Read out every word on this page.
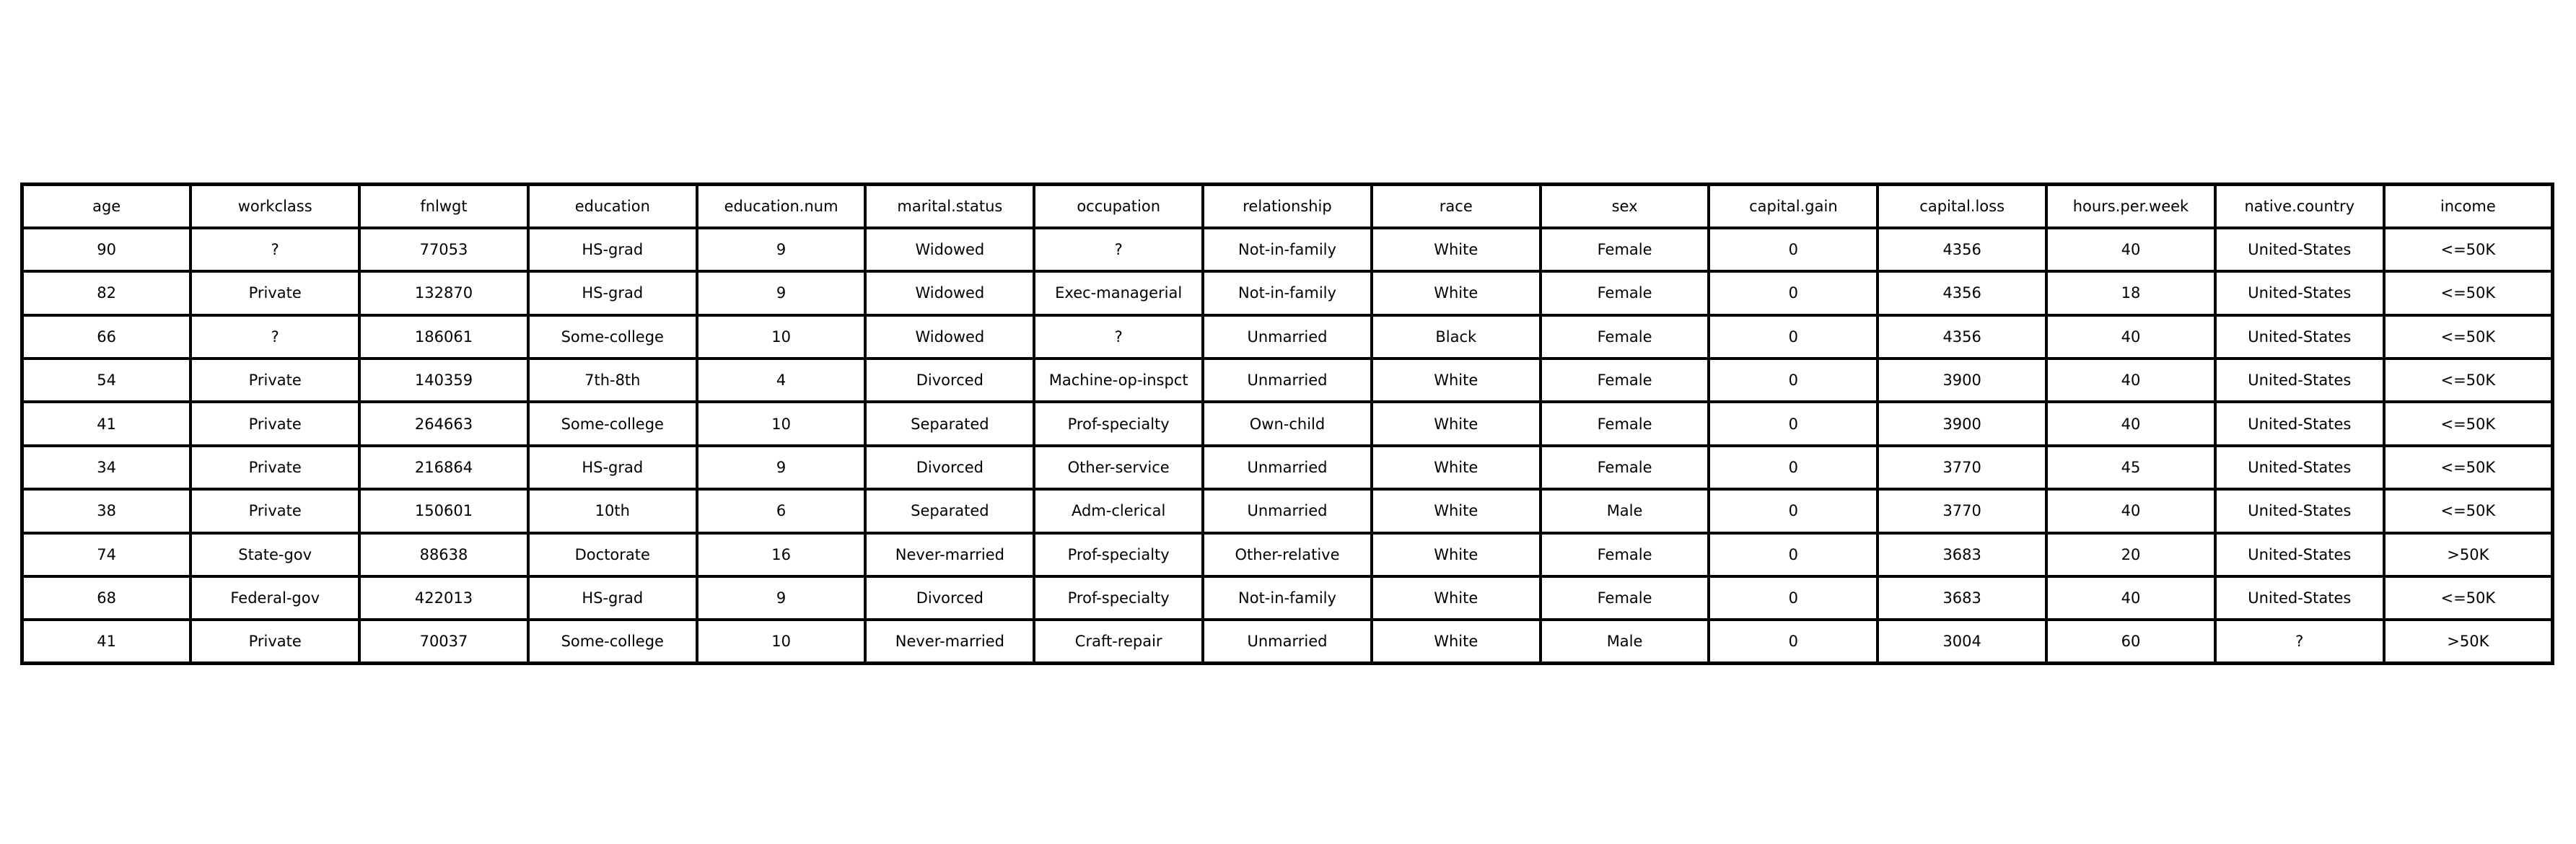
age	workclass	fnlwgt	education	education.num	marital.status	occupation	relationship	race	sex	capital.gain	capital.loss	hours.per.week	native.country	income
90	?	77053	HS-grad	9	Widowed	?	Not-in-family	White	Female	0	4356	40	United-States	<=50K
82	Private	132870	HS-grad	9	Widowed	Exec-managerial	Not-in-family	White	Female	0	4356	18	United-States	<=50K
66	?	186061	Some-college	10	Widowed	?	Unmarried	Black	Female	0	4356	40	United-States	<=50K
54	Private	140359	7th-8th	4	Divorced	Machine-op-inspct	Unmarried	White	Female	0	3900	40	United-States	<=50K
41	Private	264663	Some-college	10	Separated	Prof-specialty	Own-child	White	Female	0	3900	40	United-States	<=50K
34	Private	216864	HS-grad	9	Divorced	Other-service	Unmarried	White	Female	0	3770	45	United-States	<=50K
38	Private	150601	10th	6	Separated	Adm-clerical	Unmarried	White	Male	0	3770	40	United-States	<=50K
74	State-gov	88638	Doctorate	16	Never-married	Prof-specialty	Other-relative	White	Female	0	3683	20	United-States	>50K
68	Federal-gov	422013	HS-grad	9	Divorced	Prof-specialty	Not-in-family	White	Female	0	3683	40	United-States	<=50K
41	Private	70037	Some-college	10	Never-married	Craft-repair	Unmarried	White	Male	0	3004	60	?	>50K
